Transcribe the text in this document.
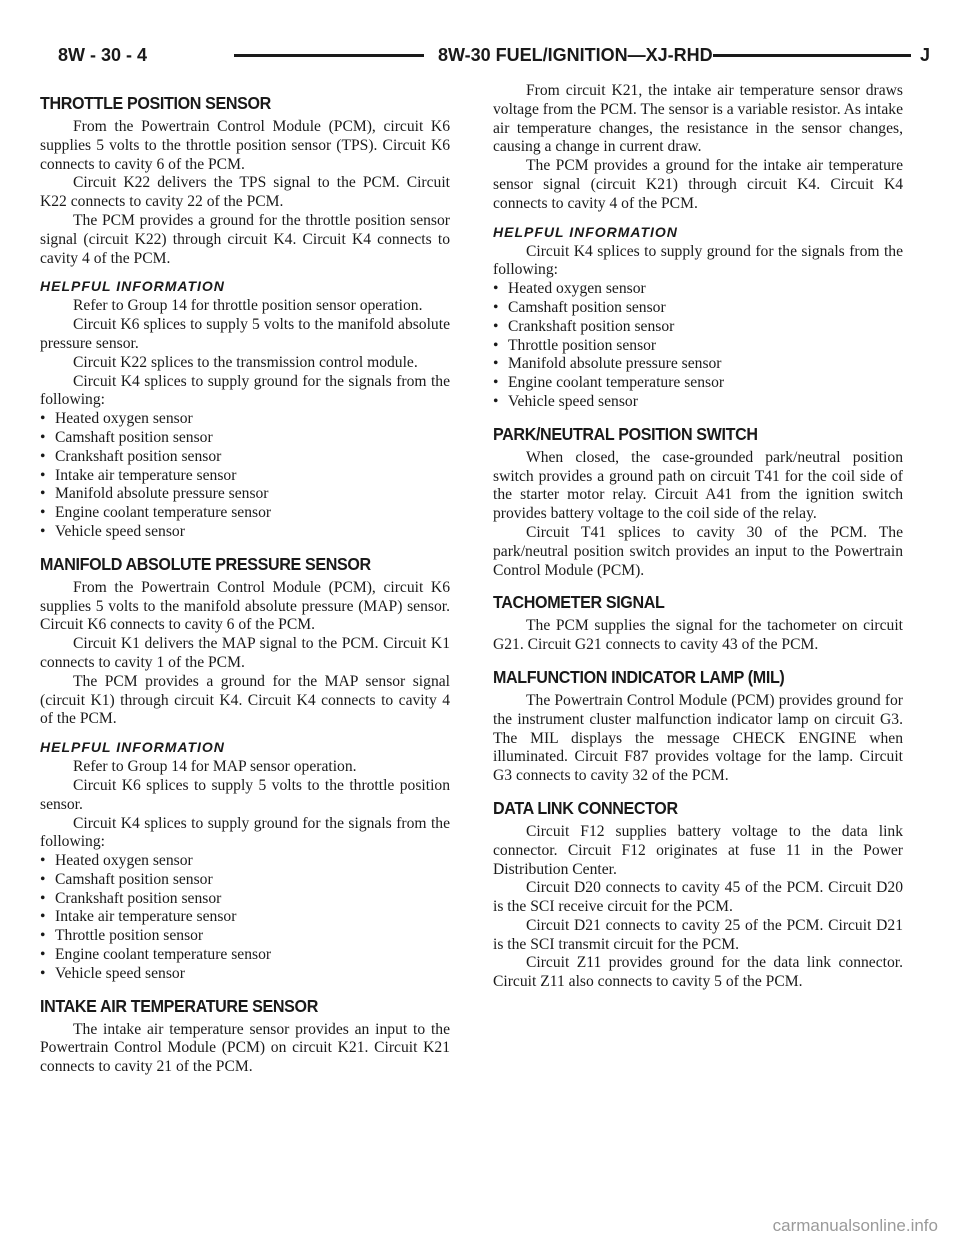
8W - 30 - 4	8W-30 FUEL/IGNITION—XJ-RHD	J
THROTTLE POSITION SENSOR

From the Powertrain Control Module (PCM), circuit K6 supplies 5 volts to the throttle position sensor (TPS). Circuit K6 connects to cavity 6 of the PCM.

Circuit K22 delivers the TPS signal to the PCM. Circuit K22 connects to cavity 22 of the PCM.

The PCM provides a ground for the throttle position sensor signal (circuit K22) through circuit K4. Circuit K4 connects to cavity 4 of the PCM.

HELPFUL INFORMATION

Refer to Group 14 for throttle position sensor operation.

Circuit K6 splices to supply 5 volts to the manifold absolute pressure sensor.

Circuit K22 splices to the transmission control module.

Circuit K4 splices to supply ground for the signals from the following:

• Heated oxygen sensor
• Camshaft position sensor
• Crankshaft position sensor
• Intake air temperature sensor
• Manifold absolute pressure sensor
• Engine coolant temperature sensor
• Vehicle speed sensor
MANIFOLD ABSOLUTE PRESSURE SENSOR

From the Powertrain Control Module (PCM), circuit K6 supplies 5 volts to the manifold absolute pressure (MAP) sensor. Circuit K6 connects to cavity 6 of the PCM.

Circuit K1 delivers the MAP signal to the PCM. Circuit K1 connects to cavity 1 of the PCM.

The PCM provides a ground for the MAP sensor signal (circuit K1) through circuit K4. Circuit K4 connects to cavity 4 of the PCM.

HELPFUL INFORMATION

Refer to Group 14 for MAP sensor operation.

Circuit K6 splices to supply 5 volts to the throttle position sensor.

Circuit K4 splices to supply ground for the signals from the following:

• Heated oxygen sensor
• Camshaft position sensor
• Crankshaft position sensor
• Intake air temperature sensor
• Throttle position sensor
• Engine coolant temperature sensor
• Vehicle speed sensor
INTAKE AIR TEMPERATURE SENSOR

The intake air temperature sensor provides an input to the Powertrain Control Module (PCM) on circuit K21. Circuit K21 connects to cavity 21 of the PCM.

From circuit K21, the intake air temperature sensor draws voltage from the PCM. The sensor is a variable resistor. As intake air temperature changes, the resistance in the sensor changes, causing a change in current draw.

The PCM provides a ground for the intake air temperature sensor signal (circuit K21) through circuit K4. Circuit K4 connects to cavity 4 of the PCM.

HELPFUL INFORMATION

Circuit K4 splices to supply ground for the signals from the following:

• Heated oxygen sensor
• Camshaft position sensor
• Crankshaft position sensor
• Throttle position sensor
• Manifold absolute pressure sensor
• Engine coolant temperature sensor
• Vehicle speed sensor
PARK/NEUTRAL POSITION SWITCH

When closed, the case-grounded park/neutral position switch provides a ground path on circuit T41 for the coil side of the starter motor relay. Circuit A41 from the ignition switch provides battery voltage to the coil side of the relay.

Circuit T41 splices to cavity 30 of the PCM. The park/neutral position switch provides an input to the Powertrain Control Module (PCM).

TACHOMETER SIGNAL

The PCM supplies the signal for the tachometer on circuit G21. Circuit G21 connects to cavity 43 of the PCM.

MALFUNCTION INDICATOR LAMP (MIL)

The Powertrain Control Module (PCM) provides ground for the instrument cluster malfunction indicator lamp on circuit G3. The MIL displays the message CHECK ENGINE when illuminated. Circuit F87 provides voltage for the lamp. Circuit G3 connects to cavity 32 of the PCM.

DATA LINK CONNECTOR

Circuit F12 supplies battery voltage to the data link connector. Circuit F12 originates at fuse 11 in the Power Distribution Center.

Circuit D20 connects to cavity 45 of the PCM. Circuit D20 is the SCI receive circuit for the PCM.

Circuit D21 connects to cavity 25 of the PCM. Circuit D21 is the SCI transmit circuit for the PCM.

Circuit Z11 provides ground for the data link connector. Circuit Z11 also connects to cavity 5 of the PCM.

carmanualsonline.info
